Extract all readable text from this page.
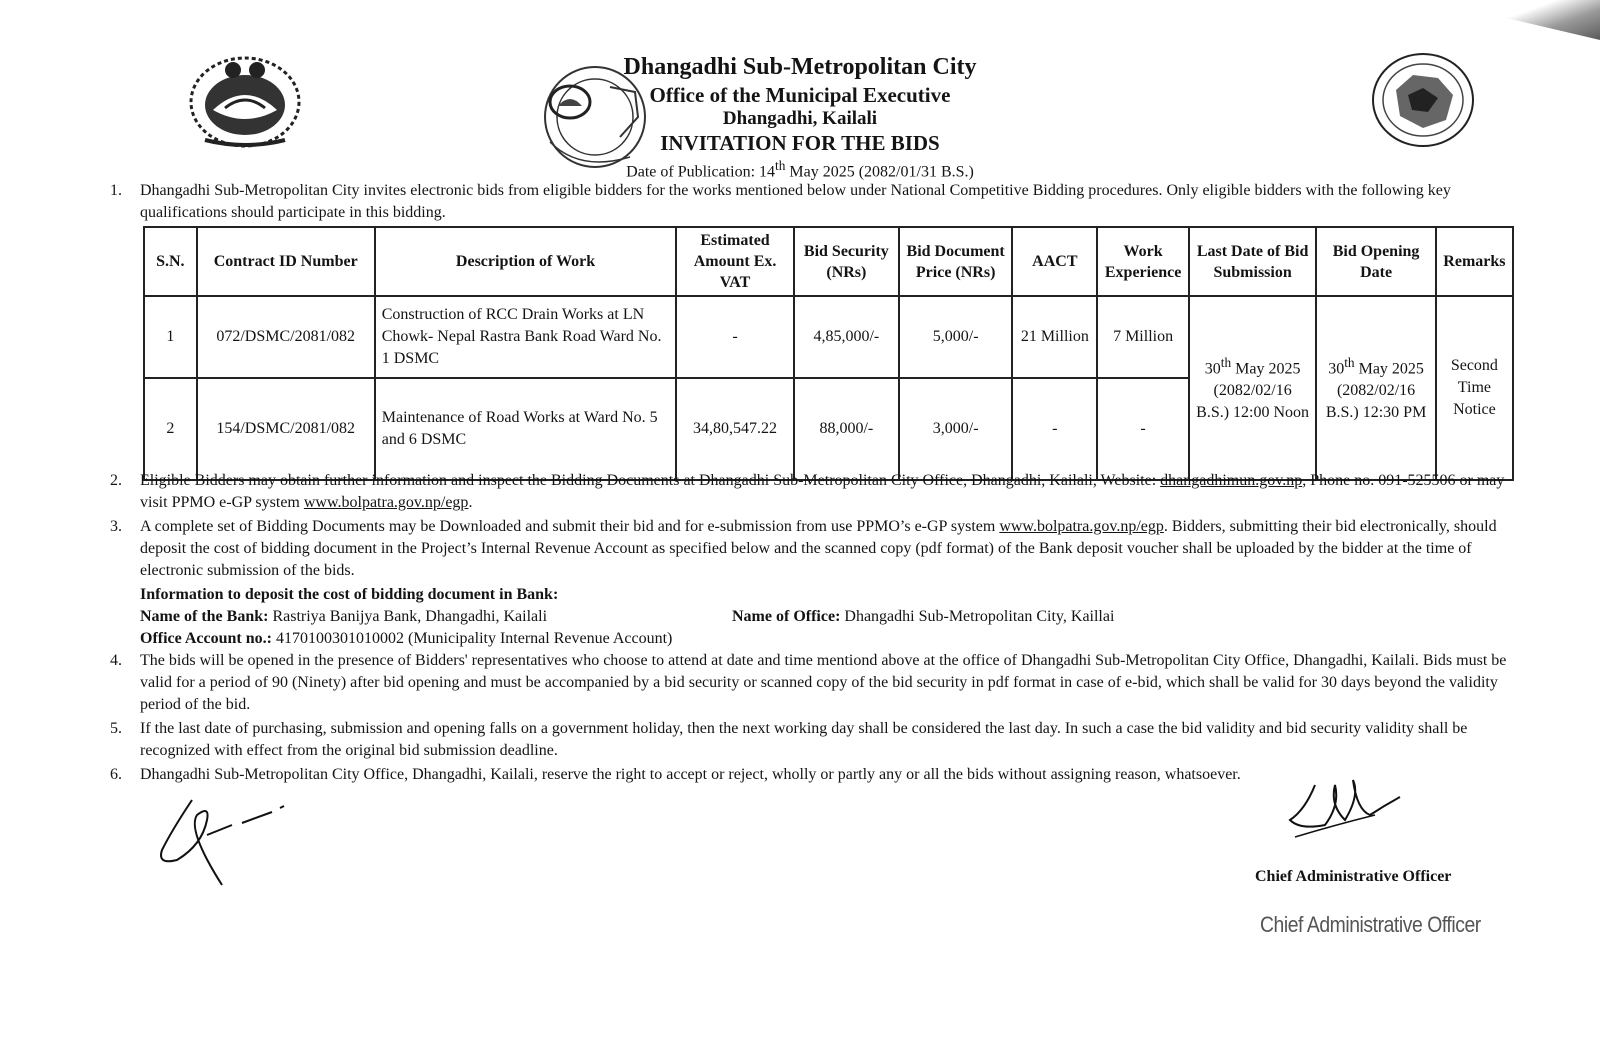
Dhangadhi Sub-Metropolitan City
Office of the Municipal Executive
Dhangadhi, Kailali
INVITATION FOR THE BIDS
Date of Publication: 14th May 2025 (2082/01/31 B.S.)
1. Dhangadhi Sub-Metropolitan City invites electronic bids from eligible bidders for the works mentioned below under National Competitive Bidding procedures. Only eligible bidders with the following key qualifications should participate in this bidding.
S.N.	Contract ID Number	Description of Work	Estimated Amount Ex. VAT	Bid Security (NRs)	Bid Document Price (NRs)	AACT	Work Experience	Last Date of Bid Submission	Bid Opening Date	Remarks
1	072/DSMC/2081/082	Construction of RCC Drain Works at LN Chowk- Nepal Rastra Bank Road Ward No. 1 DSMC	-	4,85,000/-	5,000/-	21 Million	7 Million	30th May 2025 (2082/02/16 B.S.) 12:00 Noon	30th May 2025 (2082/02/16 B.S.) 12:30 PM	Second Time Notice
2	154/DSMC/2081/082	Maintenance of Road Works at Ward No. 5 and 6 DSMC	34,80,547.22	88,000/-	3,000/-	-	-			
2. Eligible Bidders may obtain further information and inspect the Bidding Documents at Dhangadhi Sub-Metropolitan City Office, Dhangadhi, Kailali, Website: dhangadhimun.gov.np, Phone no. 091-525506 or may visit PPMO e-GP system www.bolpatra.gov.np/egp.
3. A complete set of Bidding Documents may be Downloaded and submit their bid and for e-submission from use PPMO’s e-GP system www.bolpatra.gov.np/egp. Bidders, submitting their bid electronically, should deposit the cost of bidding document in the Project’s Internal Revenue Account as specified below and the scanned copy (pdf format) of the Bank deposit voucher shall be uploaded by the bidder at the time of electronic submission of the bids.
Information to deposit the cost of bidding document in Bank:
Name of the Bank: Rastriya Banijya Bank, Dhangadhi, Kailali	Name of Office: Dhangadhi Sub-Metropolitan City, Kaillai
Office Account no.: 4170100301010002 (Municipality Internal Revenue Account)
4. The bids will be opened in the presence of Bidders' representatives who choose to attend at date and time mentiond above at the office of Dhangadhi Sub-Metropolitan City Office, Dhangadhi, Kailali. Bids must be valid for a period of 90 (Ninety) after bid opening and must be accompanied by a bid security or scanned copy of the bid security in pdf format in case of e-bid, which shall be valid for 30 days beyond the validity period of the bid.
5. If the last date of purchasing, submission and opening falls on a government holiday, then the next working day shall be considered the last day. In such a case the bid validity and bid security validity shall be recognized with effect from the original bid submission deadline.
6. Dhangadhi Sub-Metropolitan City Office, Dhangadhi, Kailali, reserve the right to accept or reject, wholly or partly any or all the bids without assigning reason, whatsoever.
Chief Administrative Officer
Chief Administrative Officer
